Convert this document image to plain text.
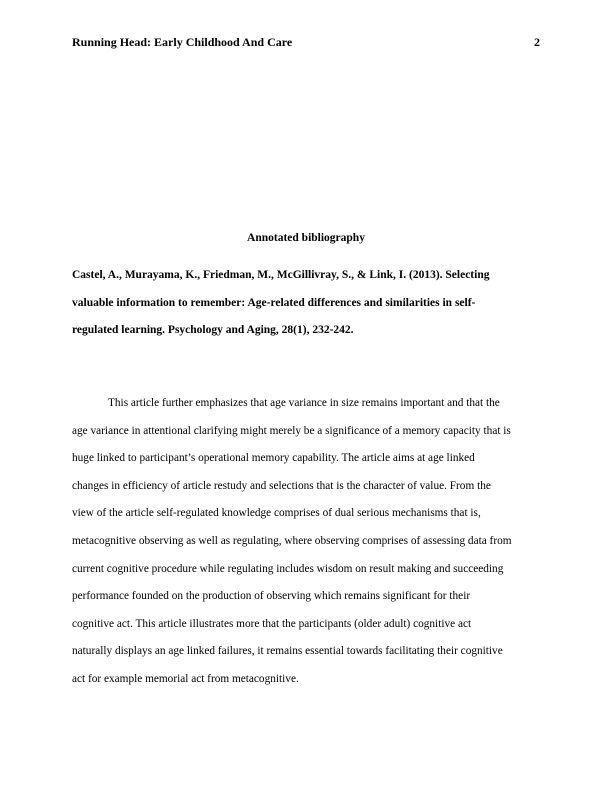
Running Head: Early Childhood And Care	2
Annotated bibliography
Castel, A., Murayama, K., Friedman, M., McGillivray, S., & Link, I. (2013). Selecting
valuable information to remember: Age-related differences and similarities in self-
regulated learning. Psychology and Aging, 28(1), 232-242.
This article further emphasizes that age variance in size remains important and that the
age variance in attentional clarifying might merely be a significance of a memory capacity that is
huge linked to participant’s operational memory capability. The article aims at age linked
changes in efficiency of article restudy and selections that is the character of value. From the
view of the article self-regulated knowledge comprises of dual serious mechanisms that is,
metacognitive observing as well as regulating, where observing comprises of assessing data from
current cognitive procedure while regulating includes wisdom on result making and succeeding
performance founded on the production of observing which remains significant for their
cognitive act. This article illustrates more that the participants (older adult) cognitive act
naturally displays an age linked failures, it remains essential towards facilitating their cognitive
act for example memorial act from metacognitive.
